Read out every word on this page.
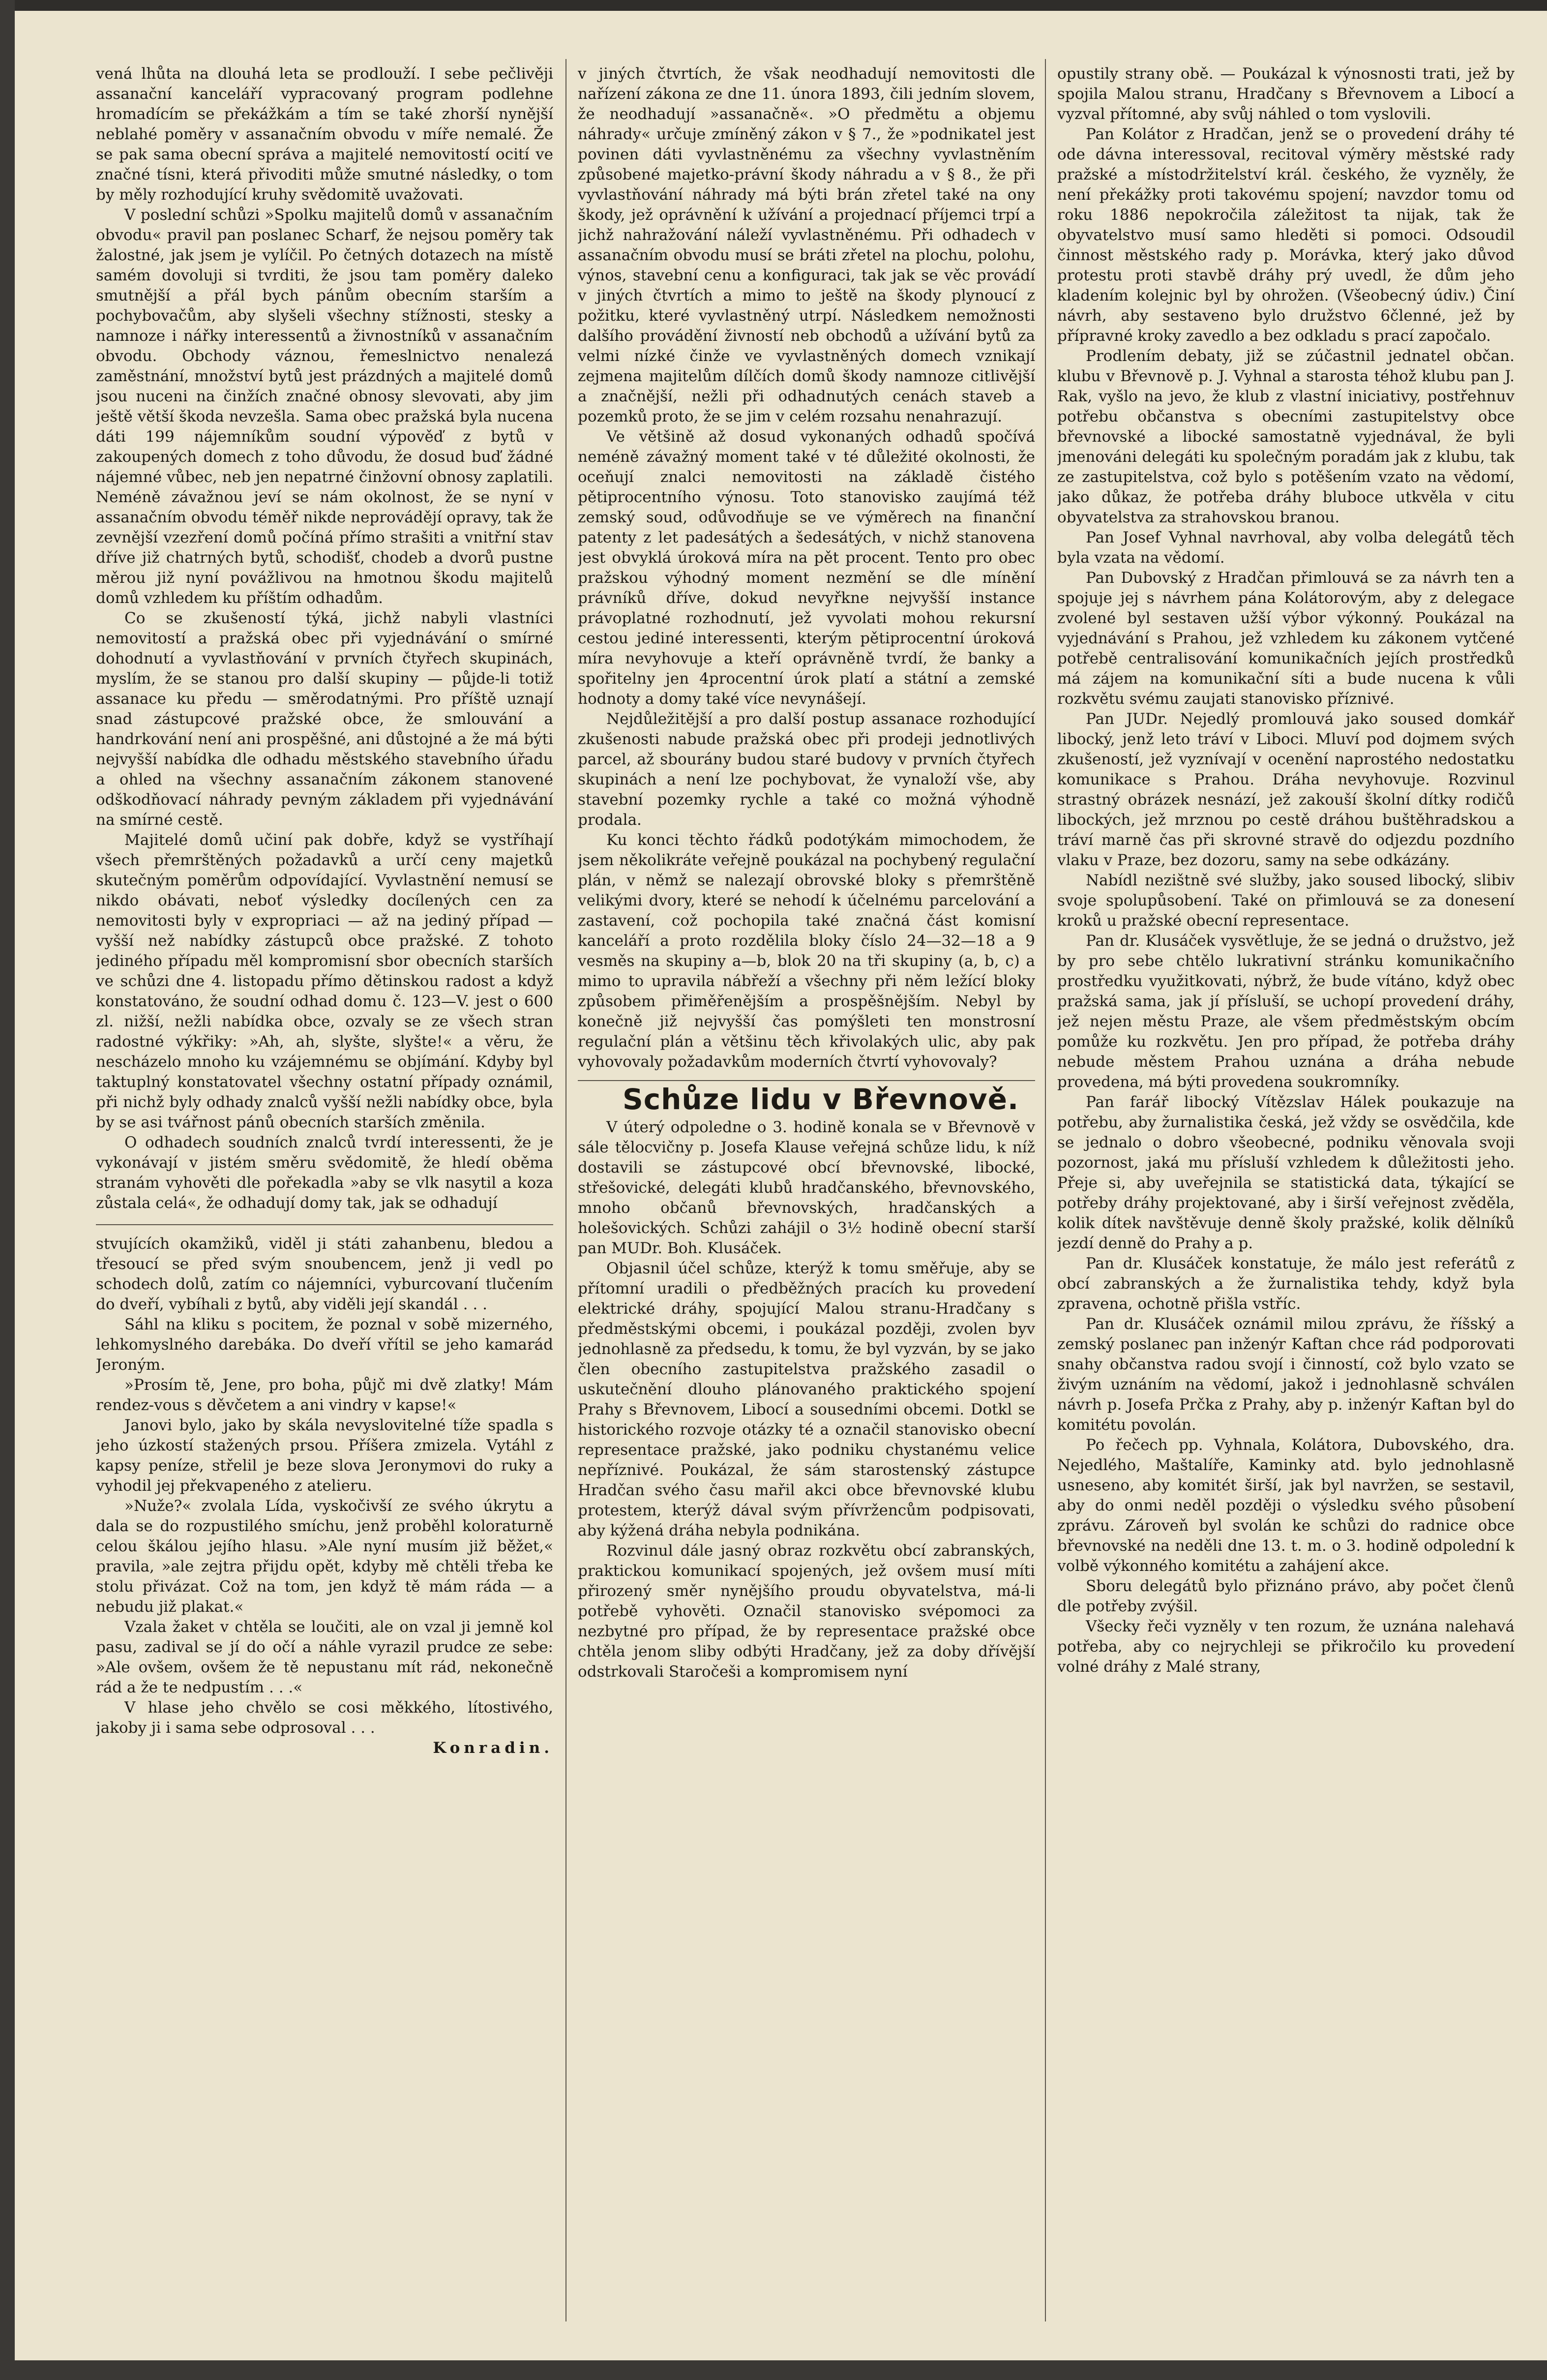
vená lhůta na dlouhá leta se prodlouží. I sebe pečlivěji assanační kanceláří vypracovaný program podlehne hromadícím se překážkám a tím se také zhorší nynější neblahé poměry v assanačním obvodu v míře nemalé. Že se pak sama obecní správa a majitelé nemovitostí ocití ve značné tísni, která přivoditi může smutné následky, o tom by měly rozhodující kruhy svědomitě uvažovati.

V poslední schůzi »Spolku majitelů domů v assanačním obvodu« pravil pan poslanec Scharf, že nejsou poměry tak žalostné, jak jsem je vylíčil. Po četných dotazech na místě samém dovoluji si tvrditi, že jsou tam poměry daleko smutnější a přál bych pánům obecním starším a pochybovačům, aby slyšeli všechny stížnosti, stesky a namnoze i nářky interessentů a živnostníků v assanačním obvodu. Obchody váznou, řemeslnictvo nenalezá zaměstnání, množství bytů jest prázdných a majitelé domů jsou nuceni na činžích značné obnosy slevovati, aby jim ještě větší škoda nevzešla. Sama obec pražská byla nucena dáti 199 nájemníkům soudní výpověď z bytů v zakoupených domech z toho důvodu, že dosud buď žádné nájemné vůbec, neb jen nepatrné činžovní obnosy zaplatili. Neméně závažnou jeví se nám okolnost, že se nyní v assanačním obvodu téměř nikde neprovádějí opravy, tak že zevnější vzezření domů počíná přímo strašiti a vnitřní stav dříve již chatrných bytů, schodišť, chodeb a dvorů pustne měrou již nyní povážlivou na hmotnou škodu majitelů domů vzhledem ku příštím odhadům.

Co se zkušeností týká, jichž nabyli vlastníci nemovitostí a pražská obec při vyjednávání o smírné dohodnutí a vyvlastňování v prvních čtyřech skupinách, myslím, že se stanou pro další skupiny — půjde-li totiž assanace ku předu — směrodatnými. Pro příště uznají snad zástupcové pražské obce, že smlouvání a handrkování není ani prospěšné, ani důstojné a že má býti nejvyšší nabídka dle odhadu městského stavebního úřadu a ohled na všechny assanačním zákonem stanovené odškodňovací náhrady pevným základem při vyjednávání na smírné cestě.

Majitelé domů učiní pak dobře, když se vystříhají všech přemrštěných požadavků a určí ceny majetků skutečným poměrům odpovídající. Vyvlastnění nemusí se nikdo obávati, neboť výsledky docílených cen za nemovitosti byly v expropriaci — až na jediný případ — vyšší než nabídky zástupců obce pražské. Z tohoto jediného případu měl kompromisní sbor obecních starších ve schůzi dne 4. listopadu přímo dětinskou radost a když konstatováno, že soudní odhad domu č. 123—V. jest o 600 zl. nižší, nežli nabídka obce, ozvaly se ze všech stran radostné výkřiky: »Ah, ah, slyšte, slyšte!« a věru, že nescházelo mnoho ku vzájemnému se objímání. Kdyby byl taktuplný konstatovatel všechny ostatní případy oznámil, při nichž byly odhady znalců vyšší nežli nabídky obce, byla by se asi tvářnost pánů obecních starších změnila.

O odhadech soudních znalců tvrdí interessenti, že je vykonávají v jistém směru svědomitě, že hledí oběma stranám vyhověti dle pořekadla »aby se vlk nasytil a koza zůstala celá«, že odhadují domy tak, jak se odhadují

stvujících okamžiků, viděl ji státi zahanbenu, bledou a třesoucí se před svým snoubencem, jenž ji vedl po schodech dolů, zatím co nájemníci, vyburcovaní tlučením do dveří, vybíhali z bytů, aby viděli její skandál . . .

Sáhl na kliku s pocitem, že poznal v sobě mizerného, lehkomyslného darebáka. Do dveří vřítil se jeho kamarád Jeroným.

»Prosím tě, Jene, pro boha, půjč mi dvě zlatky! Mám rendez-vous s děvčetem a ani vindry v kapse!«

Janovi bylo, jako by skála nevyslovitelné tíže spadla s jeho úzkostí stažených prsou. Příšera zmizela. Vytáhl z kapsy peníze, střelil je beze slova Jeronymovi do ruky a vyhodil jej překvapeného z atelieru.

»Nuže?« zvolala Lída, vyskočivší ze svého úkrytu a dala se do rozpustilého smíchu, jenž proběhl koloraturně celou škálou jejího hlasu. »Ale nyní musím již běžet,« pravila, »ale zejtra přijdu opět, kdyby mě chtěli třeba ke stolu přivázat. Což na tom, jen když tě mám ráda — a nebudu již plakat.«

Vzala žaket v chtěla se loučiti, ale on vzal ji jemně kol pasu, zadival se jí do očí a náhle vyrazil prudce ze sebe: »Ale ovšem, ovšem že tě nepustanu mít rád, nekonečně rád a že te nedpustím . . .«

V hlase jeho chvělo se cosi měkkého, lítostivého, jakoby ji i sama sebe odprosoval . . .

Konradin.

v jiných čtvrtích, že však neodhadují nemovitosti dle nařízení zákona ze dne 11. února 1893, čili jedním slovem, že neodhadují »assanačně«. »O předmětu a objemu náhrady« určuje zmíněný zákon v § 7., že »podnikatel jest povinen dáti vyvlastněnému za všechny vyvlastněním způsobené majetko-právní škody náhradu a v § 8., že při vyvlastňování náhrady má býti brán zřetel také na ony škody, jež oprávnění k užívání a projednací příjemci trpí a jichž nahražování náleží vyvlastněnému. Při odhadech v assanačním obvodu musí se bráti zřetel na plochu, polohu, výnos, stavební cenu a konfiguraci, tak jak se věc provádí v jiných čtvrtích a mimo to ještě na škody plynoucí z požitku, které vyvlastněný utrpí. Následkem nemožnosti dalšího provádění živností neb obchodů a užívání bytů za velmi nízké činže ve vyvlastněných domech vznikají zejmena majitelům dílčích domů škody namnoze citlivější a značnější, nežli při odhadnutých cenách staveb a pozemků proto, že se jim v celém rozsahu nenahrazují.

Ve většině až dosud vykonaných odhadů spočívá neméně závažný moment také v té důležité okolnosti, že oceňují znalci nemovitosti na základě čistého pětiprocentního výnosu. Toto stanovisko zaujímá též zemský soud, odůvodňuje se ve výměrech na finanční patenty z let padesátých a šedesátých, v nichž stanovena jest obvyklá úroková míra na pět procent. Tento pro obec pražskou výhodný moment nezmění se dle mínění právníků dříve, dokud nevyřkne nejvyšší instance právoplatné rozhodnutí, jež vyvolati mohou rekursní cestou jediné interessenti, kterým pětiprocentní úroková míra nevyhovuje a kteří oprávněně tvrdí, že banky a spořitelny jen 4procentní úrok platí a státní a zemské hodnoty a domy také více nevynášejí.

Nejdůležitější a pro další postup assanace rozhodující zkušenosti nabude pražská obec při prodeji jednotlivých parcel, až sbourány budou staré budovy v prvních čtyřech skupinách a není lze pochybovat, že vynaloží vše, aby stavební pozemky rychle a také co možná výhodně prodala.

Ku konci těchto řádků podotýkám mimochodem, že jsem několikráte veřejně poukázal na pochybený regulační plán, v němž se nalezají obrovské bloky s přemrštěně velikými dvory, které se nehodí k účelnému parcelování a zastavení, což pochopila také značná část komisní kanceláří a proto rozdělila bloky číslo 24—32—18 a 9 vesměs na skupiny a—b, blok 20 na tři skupiny (a, b, c) a mimo to upravila nábřeží a všechny při něm ležící bloky způsobem přiměřenějším a prospěšnějším. Nebyl by konečně již nejvyšší čas pomýšleti ten monstrosní regulační plán a většinu těch křivolakých ulic, aby pak vyhovovaly požadavkům moderních čtvrtí vyhovovaly?

Schůze lidu v Břevnově.

V úterý odpoledne o 3. hodině konala se v Břevnově v sále tělocvičny p. Josefa Klause veřejná schůze lidu, k níž dostavili se zástupcové obcí břevnovské, libocké, střešovické, delegáti klubů hradčanského, břevnovského, mnoho občanů břevnovských, hradčanských a holešovických. Schůzi zahájil o 3½ hodině obecní starší pan MUDr. Boh. Klusáček.

Objasnil účel schůze, kterýž k tomu směřuje, aby se přítomní uradili o předběžných pracích ku provedení elektrické dráhy, spojující Malou stranu-Hradčany s předměstskými obcemi, i poukázal později, zvolen byv jednohlasně za předsedu, k tomu, že byl vyzván, by se jako člen obecního zastupitelstva pražského zasadil o uskutečnění dlouho plánovaného praktického spojení Prahy s Břevnovem, Libocí a sousedními obcemi. Dotkl se historického rozvoje otázky té a označil stanovisko obecní representace pražské, jako podniku chystanému velice nepříznivé. Poukázal, že sám starostenský zástupce Hradčan svého času mařil akci obce břevnovské klubu protestem, kterýž dával svým přívržencům podpisovati, aby kýžená dráha nebyla podnikána.

Rozvinul dále jasný obraz rozkvětu obcí zabranských, praktickou komunikací spojených, jež ovšem musí míti přirozený směr nynějšího proudu obyvatelstva, má-li potřebě vyhověti. Označil stanovisko svépomoci za nezbytné pro případ, že by representace pražské obce chtěla jenom sliby odbýti Hradčany, jež za doby dřívější odstrkovali Staročeši a kompromisem nyní

opustily strany obě. — Poukázal k výnosnosti trati, jež by spojila Malou stranu, Hradčany s Břevnovem a Libocí a vyzval přítomné, aby svůj náhled o tom vyslovili.

Pan Kolátor z Hradčan, jenž se o provedení dráhy té ode dávna interessoval, recitoval výměry městské rady pražské a místodržitelství král. českého, že vyzněly, že není překážky proti takovému spojení; navzdor tomu od roku 1886 nepokročila záležitost ta nijak, tak že obyvatelstvo musí samo hleděti si pomoci. Odsoudil činnost městského rady p. Morávka, který jako důvod protestu proti stavbě dráhy prý uvedl, že dům jeho kladením kolejnic byl by ohrožen. (Všeobecný údiv.) Činí návrh, aby sestaveno bylo družstvo 6členné, jež by přípravné kroky zavedlo a bez odkladu s prací započalo.

Prodlením debaty, již se zúčastnil jednatel občan. klubu v Břevnově p. J. Vyhnal a starosta téhož klubu pan J. Rak, vyšlo na jevo, že klub z vlastní iniciativy, postřehnuv potřebu občanstva s obecními zastupitelstvy obce břevnovské a libocké samostatně vyjednával, že byli jmenováni delegáti ku společným poradám jak z klubu, tak ze zastupitelstva, což bylo s potěšením vzato na vědomí, jako důkaz, že potřeba dráhy bluboce utkvěla v citu obyvatelstva za strahovskou branou.

Pan Josef Vyhnal navrhoval, aby volba delegátů těch byla vzata na vědomí.

Pan Dubovský z Hradčan přimlouvá se za návrh ten a spojuje jej s návrhem pána Kolátorovým, aby z delegace zvolené byl sestaven užší výbor výkonný. Poukázal na vyjednávání s Prahou, jež vzhledem ku zákonem vytčené potřebě centralisování komunikačních jejích prostředků má zájem na komunikační síti a bude nucena k vůli rozkvětu svému zaujati stanovisko příznivé.

Pan JUDr. Nejedlý promlouvá jako soused domkář libocký, jenž leto tráví v Liboci. Mluví pod dojmem svých zkušeností, jež vyznívají v ocenění naprostého nedostatku komunikace s Prahou. Dráha nevyhovuje. Rozvinul strastný obrázek nesnází, jež zakouší školní dítky rodičů libockých, jež mrznou po cestě dráhou buštěhradskou a tráví marně čas při skrovné stravě do odjezdu pozdního vlaku v Praze, bez dozoru, samy na sebe odkázány.

Nabídl nezištně své služby, jako soused libocký, slibiv svoje spolupůsobení. Také on přimlouvá se za donesení kroků u pražské obecní representace.

Pan dr. Klusáček vysvětluje, že se jedná o družstvo, jež by pro sebe chtělo lukrativní stránku komunikačního prostředku využitkovati, nýbrž, že bude vítáno, když obec pražská sama, jak jí přísluší, se uchopí provedení dráhy, jež nejen městu Praze, ale všem předměstským obcím pomůže ku rozkvětu. Jen pro případ, že potřeba dráhy nebude městem Prahou uznána a dráha nebude provedena, má býti provedena soukromníky.

Pan farář libocký Vítězslav Hálek poukazuje na potřebu, aby žurnalistika česká, jež vždy se osvědčila, kde se jednalo o dobro všeobecné, podniku věnovala svoji pozornost, jaká mu přísluší vzhledem k důležitosti jeho. Přeje si, aby uveřejnila se statistická data, týkající se potřeby dráhy projektované, aby i širší veřejnost zvěděla, kolik dítek navštěvuje denně školy pražské, kolik dělníků jezdí denně do Prahy a p.

Pan dr. Klusáček konstatuje, že málo jest referátů z obcí zabranských a že žurnalistika tehdy, když byla zpravena, ochotně přišla vstříc.

Pan dr. Klusáček oznámil milou zprávu, že říšský a zemský poslanec pan inženýr Kaftan chce rád podporovati snahy občanstva radou svojí i činností, což bylo vzato se živým uznáním na vědomí, jakož i jednohlasně schválen návrh p. Josefa Prčka z Prahy, aby p. inženýr Kaftan byl do komitétu povolán.

Po řečech pp. Vyhnala, Kolátora, Dubovského, dra. Nejedlého, Maštalíře, Kaminky atd. bylo jednohlasně usneseno, aby komitét širší, jak byl navržen, se sestavil, aby do onmi neděl později o výsledku svého působení zprávu. Zároveň byl svolán ke schůzi do radnice obce břevnovské na neděli dne 13. t. m. o 3. hodině odpolední k volbě výkonného komitétu a zahájení akce.

Sboru delegátů bylo přiznáno právo, aby počet členů dle potřeby zvýšil.

Všecky řeči vyzněly v ten rozum, že uznána nalehavá potřeba, aby co nejrychleji se přikročilo ku provedení volné dráhy z Malé strany,
